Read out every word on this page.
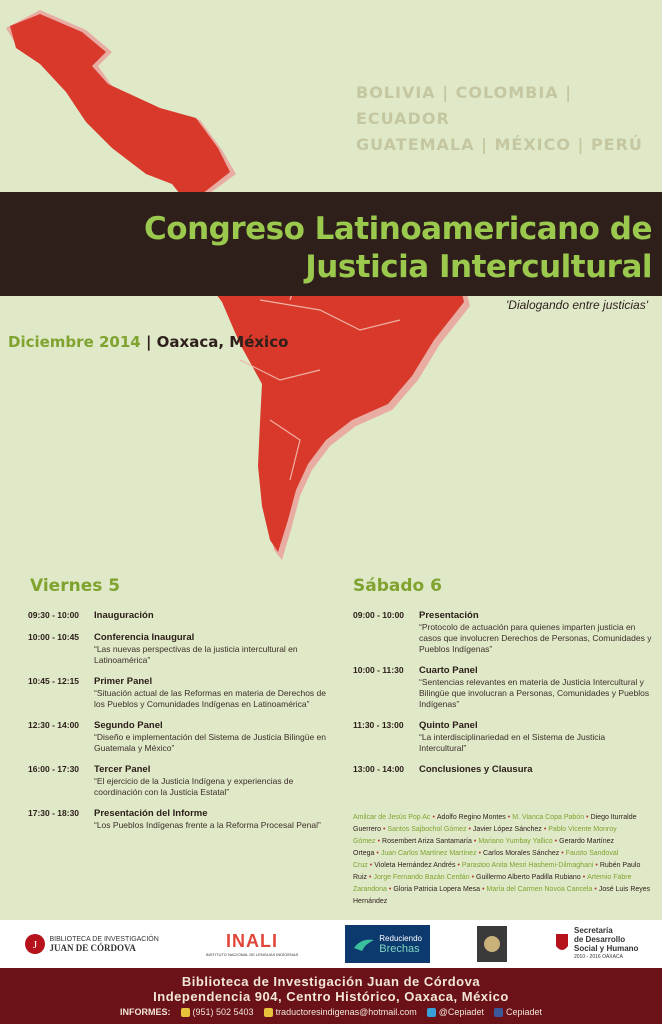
BOLIVIA | COLOMBIA | ECUADOR
GUATEMALA | MÉXICO | PERÚ
Congreso Latinoamericano de
Justicia Intercultural
'Dialogando entre justicias'
Diciembre 2014 | Oaxaca, México
Viernes 5
09:30 - 10:00	Inauguración
10:00 - 10:45	Conferencia Inaugural
“Las nuevas perspectivas de la justicia intercultural en Latinoamérica”
10:45 - 12:15	Primer Panel
“Situación actual de las Reformas en materia de Derechos de los Pueblos y Comunidades Indígenas en Latinoamérica”
12:30 - 14:00	Segundo Panel
“Diseño e implementación del Sistema de Justicia Bilingüe en Guatemala y México”
16:00 - 17:30	Tercer Panel
“El ejercicio de la Justicia Indígena y experiencias de coordinación con la Justicia Estatal”
17:30 - 18:30	Presentación del Informe
“Los Pueblos Indígenas frente a la Reforma Procesal Penal”
Sábado 6
09:00 - 10:00	Presentación
“Protocolo de actuación para quienes imparten justicia en casos que involucren Derechos de Personas, Comunidades y Pueblos Indígenas”
10:00 - 11:30	Cuarto Panel
“Sentencias relevantes en materia de Justicia Intercultural y Bilingüe que involucran a Personas, Comunidades y Pueblos Indígenas”
11:30 - 13:00	Quinto Panel
“La interdisciplinariedad en el Sistema de Justicia Intercultural”
13:00 - 14:00	Conclusiones y Clausura
Amilcar de Jesús Pop Ac • Adolfo Regino Montes • M. Vianca Copa Pabón • Diego Iturralde Guerrero • Santos Sajbochol Gómez • Javier López Sánchez • Pablo Vicente Monroy Gómez • Rosembert Ariza Santamaría • Mariano Yumbay Yallico • Gerardo Martínez Ortega • Juan Carlos Martínez Martínez • Carlos Morales Sánchez • Fausto Sandoval Cruz • Violeta Hernández Andrés • Parastoo Anita Mesri Hashemi-Dilmaghani • Rubén Paulo Ruiz • Jorge Fernando Bazán Cerdán • Guillermo Alberto Padilla Rubiano • Artemio Fabre Zarandona • Gloria Patricia Lopera Mesa • María del Carmen Novoa Cancela • José Luis Reyes Hernández
J BIBLIOTECA DE INVESTIGACIÓN
JUAN DE CÓRDOVA	INALI
INSTITUTO NACIONAL DE LENGUAS INDÍGENAS
Reduciendo
Brechas
Secretaría
de Desarrollo
Social y Humano
2010 - 2016 OAXACA
Biblioteca de Investigación Juan de Córdova
Independencia 904, Centro Histórico, Oaxaca, México
INFORMES:	(951) 502 5403	traductoresindigenas@hotmail.com	@Cepiadet	Cepiadet
